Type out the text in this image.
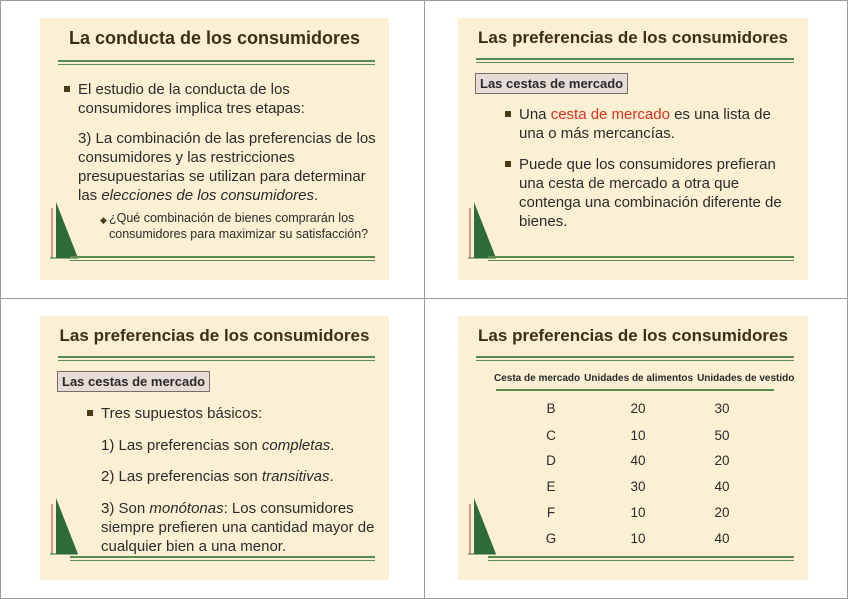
La conducta de los consumidores
El estudio de la conducta de los consumidores implica tres etapas:
3) La combinación de las preferencias de los consumidores y las restricciones presupuestarias se utilizan para determinar las elecciones de los consumidores.
◆ ¿Qué combinación de bienes comprarán los consumidores para maximizar su satisfacción?
Las preferencias de los consumidores
Las cestas de mercado
Una cesta de mercado es una lista de una o más mercancías.
Puede que los consumidores prefieran una cesta de mercado a otra que contenga una combinación diferente de bienes.
Las preferencias de los consumidores
Las cestas de mercado
Tres supuestos básicos:
1) Las preferencias son completas.
2) Las preferencias son transitivas.
3) Son monótonas: Los consumidores siempre prefieren una cantidad mayor de cualquier bien a una menor.
Las preferencias de los consumidores
Cesta de mercado	Unidades de alimentos	Unidades de vestido
B	20	30
C	10	50
D	40	20
E	30	40
F	10	20
G	10	40
